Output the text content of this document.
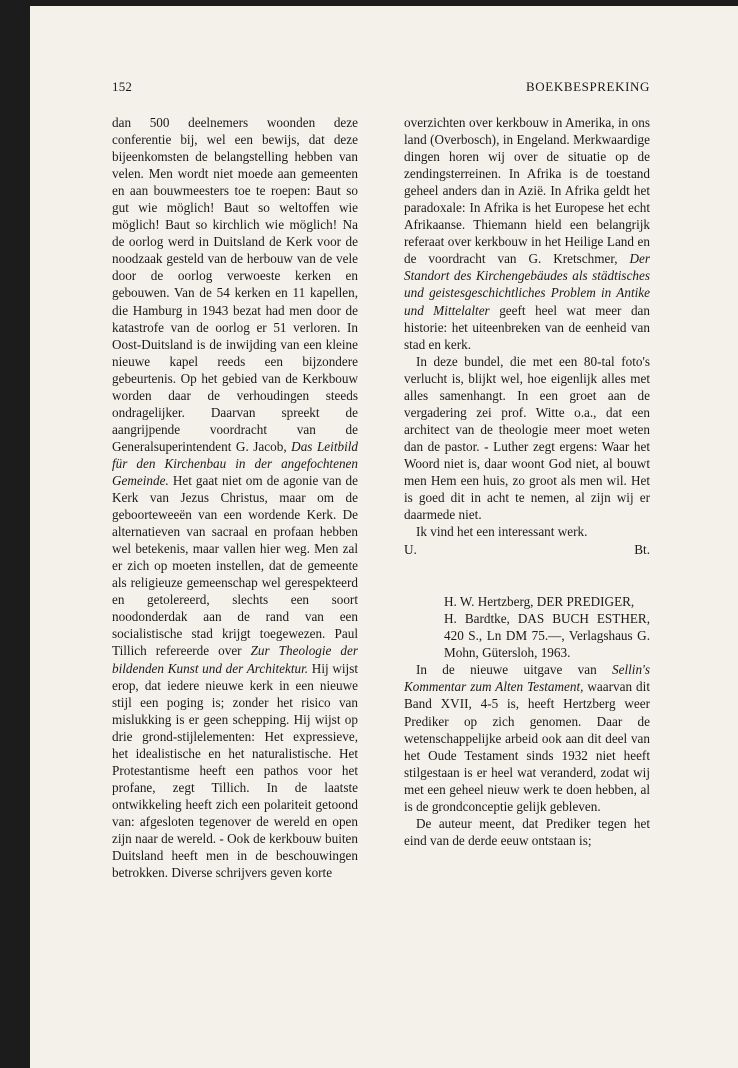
152	BOEKBESPREKING

dan 500 deelnemers woonden deze conferentie bij, wel een bewijs, dat deze bijeenkomsten de belangstelling hebben van velen. Men wordt niet moede aan gemeenten en aan bouwmeesters toe te roepen: Baut so gut wie möglich! Baut so weltoffen wie möglich! Baut so kirchlich wie möglich! Na de oorlog werd in Duitsland de Kerk voor de noodzaak gesteld van de herbouw van de vele door de oorlog verwoeste kerken en gebouwen. Van de 54 kerken en 11 kapellen, die Hamburg in 1943 bezat had men door de katastrofe van de oorlog er 51 verloren. In Oost-Duitsland is de inwijding van een kleine nieuwe kapel reeds een bijzondere gebeurtenis. Op het gebied van de Kerkbouw worden daar de verhoudingen steeds ondragelijker. Daarvan spreekt de aangrijpende voordracht van de Generalsuperintendent G. Jacob, Das Leitbild für den Kirchenbau in der angefochtenen Gemeinde. Het gaat niet om de agonie van de Kerk van Jezus Christus, maar om de geboorteweeën van een wordende Kerk. De alternatieven van sacraal en profaan hebben wel betekenis, maar vallen hier weg. Men zal er zich op moeten instellen, dat de gemeente als religieuze gemeenschap wel gerespekteerd en getolereerd, slechts een soort noodonderdak aan de rand van een socialistische stad krijgt toegewezen. Paul Tillich refereerde over Zur Theologie der bildenden Kunst und der Architektur. Hij wijst erop, dat iedere nieuwe kerk in een nieuwe stijl een poging is; zonder het risico van mislukking is er geen schepping. Hij wijst op drie grond-stijlelementen: Het expressieve, het idealistische en het naturalistische. Het Protestantisme heeft een pathos voor het profane, zegt Tillich. In de laatste ontwikkeling heeft zich een polariteit getoond van: afgesloten tegenover de wereld en open zijn naar de wereld. - Ook de kerkbouw buiten Duitsland heeft men in de beschouwingen betrokken. Diverse schrijvers geven korte

overzichten over kerkbouw in Amerika, in ons land (Overbosch), in Engeland. Merkwaardige dingen horen wij over de situatie op de zendingsterreinen. In Afrika is de toestand geheel anders dan in Azië. In Afrika geldt het paradoxale: In Afrika is het Europese het echt Afrikaanse. Thiemann hield een belangrijk referaat over kerkbouw in het Heilige Land en de voordracht van G. Kretschmer, Der Standort des Kirchengebäudes als städtisches und geistesgeschichtliches Problem in Antike und Mittelalter geeft heel wat meer dan historie: het uiteenbreken van de eenheid van stad en kerk.

In deze bundel, die met een 80-tal foto's verlucht is, blijkt wel, hoe eigenlijk alles met alles samenhangt. In een groet aan de vergadering zei prof. Witte o.a., dat een architect van de theologie meer moet weten dan de pastor. - Luther zegt ergens: Waar het Woord niet is, daar woont God niet, al bouwt men Hem een huis, zo groot als men wil. Het is goed dit in acht te nemen, al zijn wij er daarmede niet.

Ik vind het een interessant werk.

U.	Bt.

H. W. Hertzberg, DER PREDIGER,

H. Bardtke, DAS BUCH ESTHER, 420 S., Ln DM 75.—, Verlagshaus G. Mohn, Gütersloh, 1963.

In de nieuwe uitgave van Sellin's Kommentar zum Alten Testament, waarvan dit Band XVII, 4-5 is, heeft Hertzberg weer Prediker op zich genomen. Daar de wetenschappelijke arbeid ook aan dit deel van het Oude Testament sinds 1932 niet heeft stilgestaan is er heel wat veranderd, zodat wij met een geheel nieuw werk te doen hebben, al is de grondconceptie gelijk gebleven.

De auteur meent, dat Prediker tegen het eind van de derde eeuw ontstaan is;
